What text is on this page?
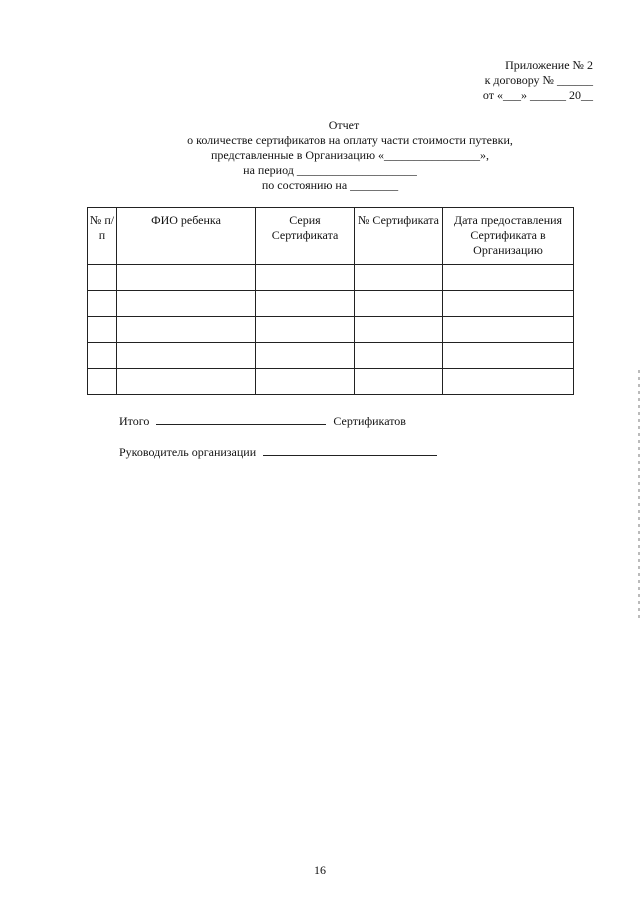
Приложение № 2
к договору № ______
от «___» ______ 20__
Отчет
о количестве сертификатов на оплату части стоимости путевки,
представленные в Организацию «________________»,
на период ____________________
по состоянию на ________
№ п/п	ФИО ребенка	Серия Сертификата	№ Сертификата	Дата предоставления Сертификата в Организацию

Итого	Сертификатов
Руководитель организации
16
